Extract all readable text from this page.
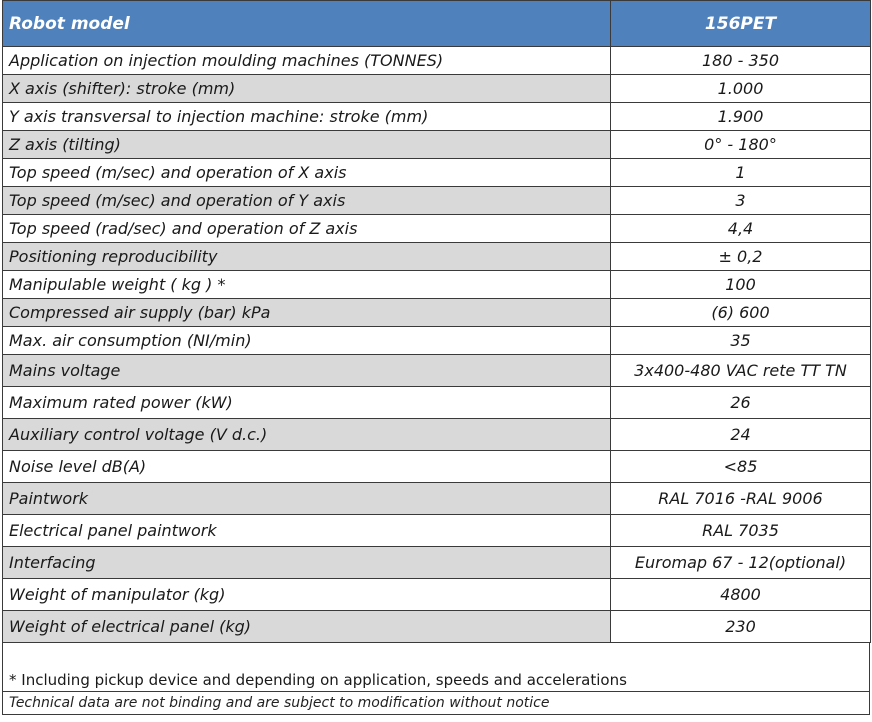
Robot model	156PET
Application on injection moulding machines (TONNES)	180 - 350
X axis (shifter): stroke (mm)	1.000
Y axis transversal to injection machine: stroke (mm)	1.900
Z axis (tilting)	0° - 180°
Top speed (m/sec) and operation of X axis	1
Top speed (m/sec) and operation of Y axis	3
Top speed (rad/sec) and operation of Z axis	4,4
Positioning reproducibility	± 0,2
Manipulable weight ( kg ) *	100
Compressed air supply (bar) kPa	(6) 600
Max. air consumption (NI/min)	35
Mains voltage	3x400-480 VAC rete TT TN
Maximum rated power (kW)	26
Auxiliary control voltage (V d.c.)	24
Noise level dB(A)	<85
Paintwork	RAL 7016 -RAL 9006
Electrical panel paintwork	RAL 7035
Interfacing	Euromap 67 - 12(optional)
Weight of manipulator (kg)	4800
Weight of electrical panel (kg)	230
* Including pickup device and depending on application, speeds and accelerations
Technical data are not binding and are subject to modification without notice
